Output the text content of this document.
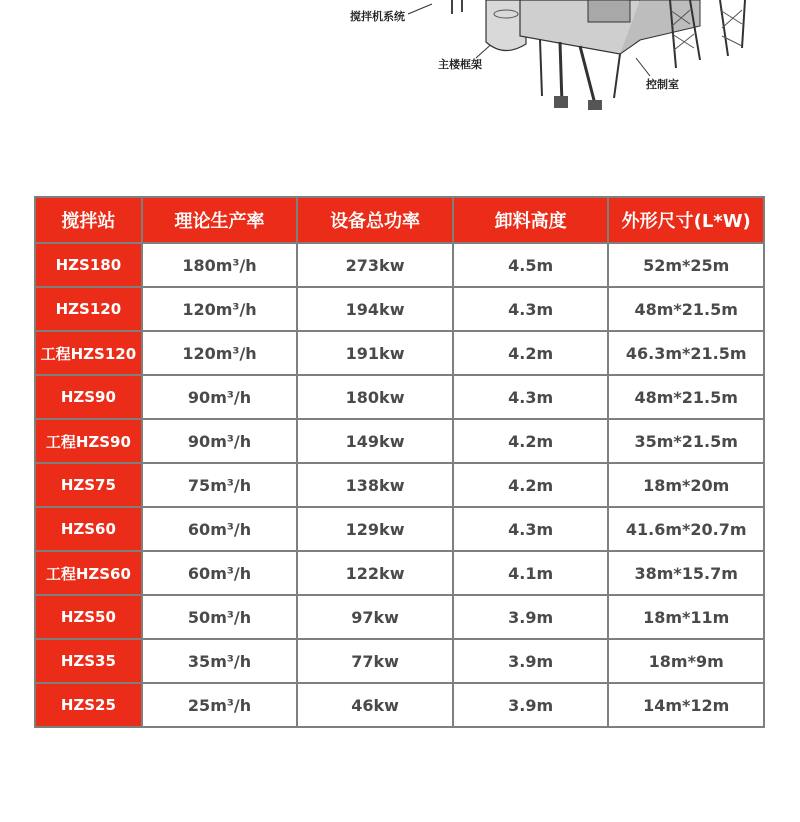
搅拌机系统
主楼框架
控制室
搅拌站	理论生产率	设备总功率	卸料高度	外形尺寸(L*W)
HZS180	180m³/h	273kw	4.5m	52m*25m
HZS120	120m³/h	194kw	4.3m	48m*21.5m
工程HZS120	120m³/h	191kw	4.2m	46.3m*21.5m
HZS90	90m³/h	180kw	4.3m	48m*21.5m
工程HZS90	90m³/h	149kw	4.2m	35m*21.5m
HZS75	75m³/h	138kw	4.2m	18m*20m
HZS60	60m³/h	129kw	4.3m	41.6m*20.7m
工程HZS60	60m³/h	122kw	4.1m	38m*15.7m
HZS50	50m³/h	97kw	3.9m	18m*11m
HZS35	35m³/h	77kw	3.9m	18m*9m
HZS25	25m³/h	46kw	3.9m	14m*12m
